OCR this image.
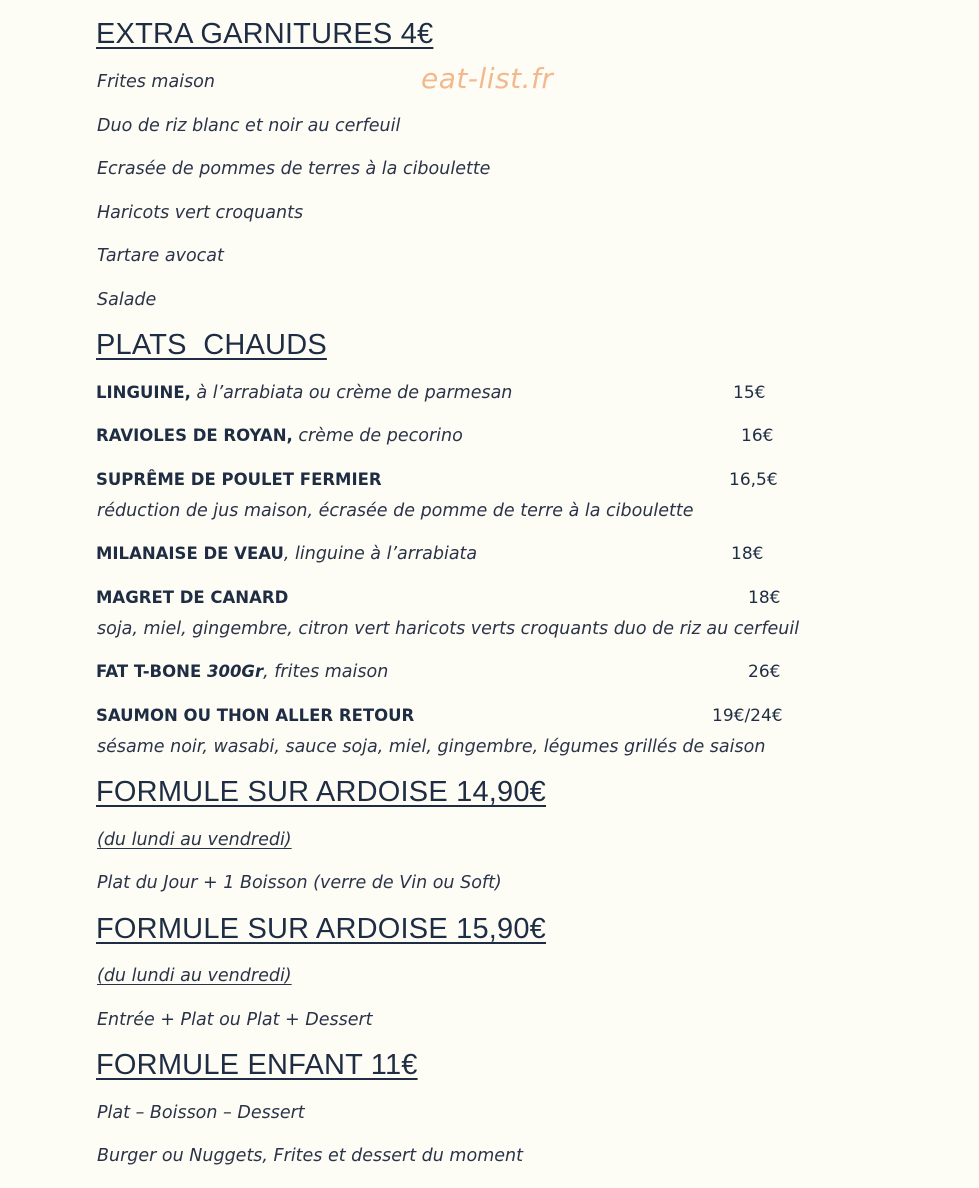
eat-list.fr
EXTRA GARNITURES 4€
Frites maison
Duo de riz blanc et noir au cerfeuil
Ecrasée de pommes de terres à la ciboulette
Haricots vert croquants
Tartare avocat
Salade
PLATS  CHAUDS
LINGUINE, à l’arrabiata ou crème de parmesan	15€
RAVIOLES DE ROYAN, crème de pecorino	16€
SUPRÊME DE POULET FERMIER	16,5€
réduction de jus maison, écrasée de pomme de terre à la ciboulette
MILANAISE DE VEAU, linguine à l’arrabiata	18€
MAGRET DE CANARD	18€
soja, miel, gingembre, citron vert haricots verts croquants duo de riz au cerfeuil
FAT T-BONE 300Gr, frites maison	26€
SAUMON OU THON ALLER RETOUR	19€/24€
sésame noir, wasabi, sauce soja, miel, gingembre, légumes grillés de saison
FORMULE SUR ARDOISE 14,90€
(du lundi au vendredi)
Plat du Jour + 1 Boisson (verre de Vin ou Soft)
FORMULE SUR ARDOISE 15,90€
(du lundi au vendredi)
Entrée + Plat ou Plat + Dessert
FORMULE ENFANT 11€
Plat – Boisson – Dessert
Burger ou Nuggets, Frites et dessert du moment
